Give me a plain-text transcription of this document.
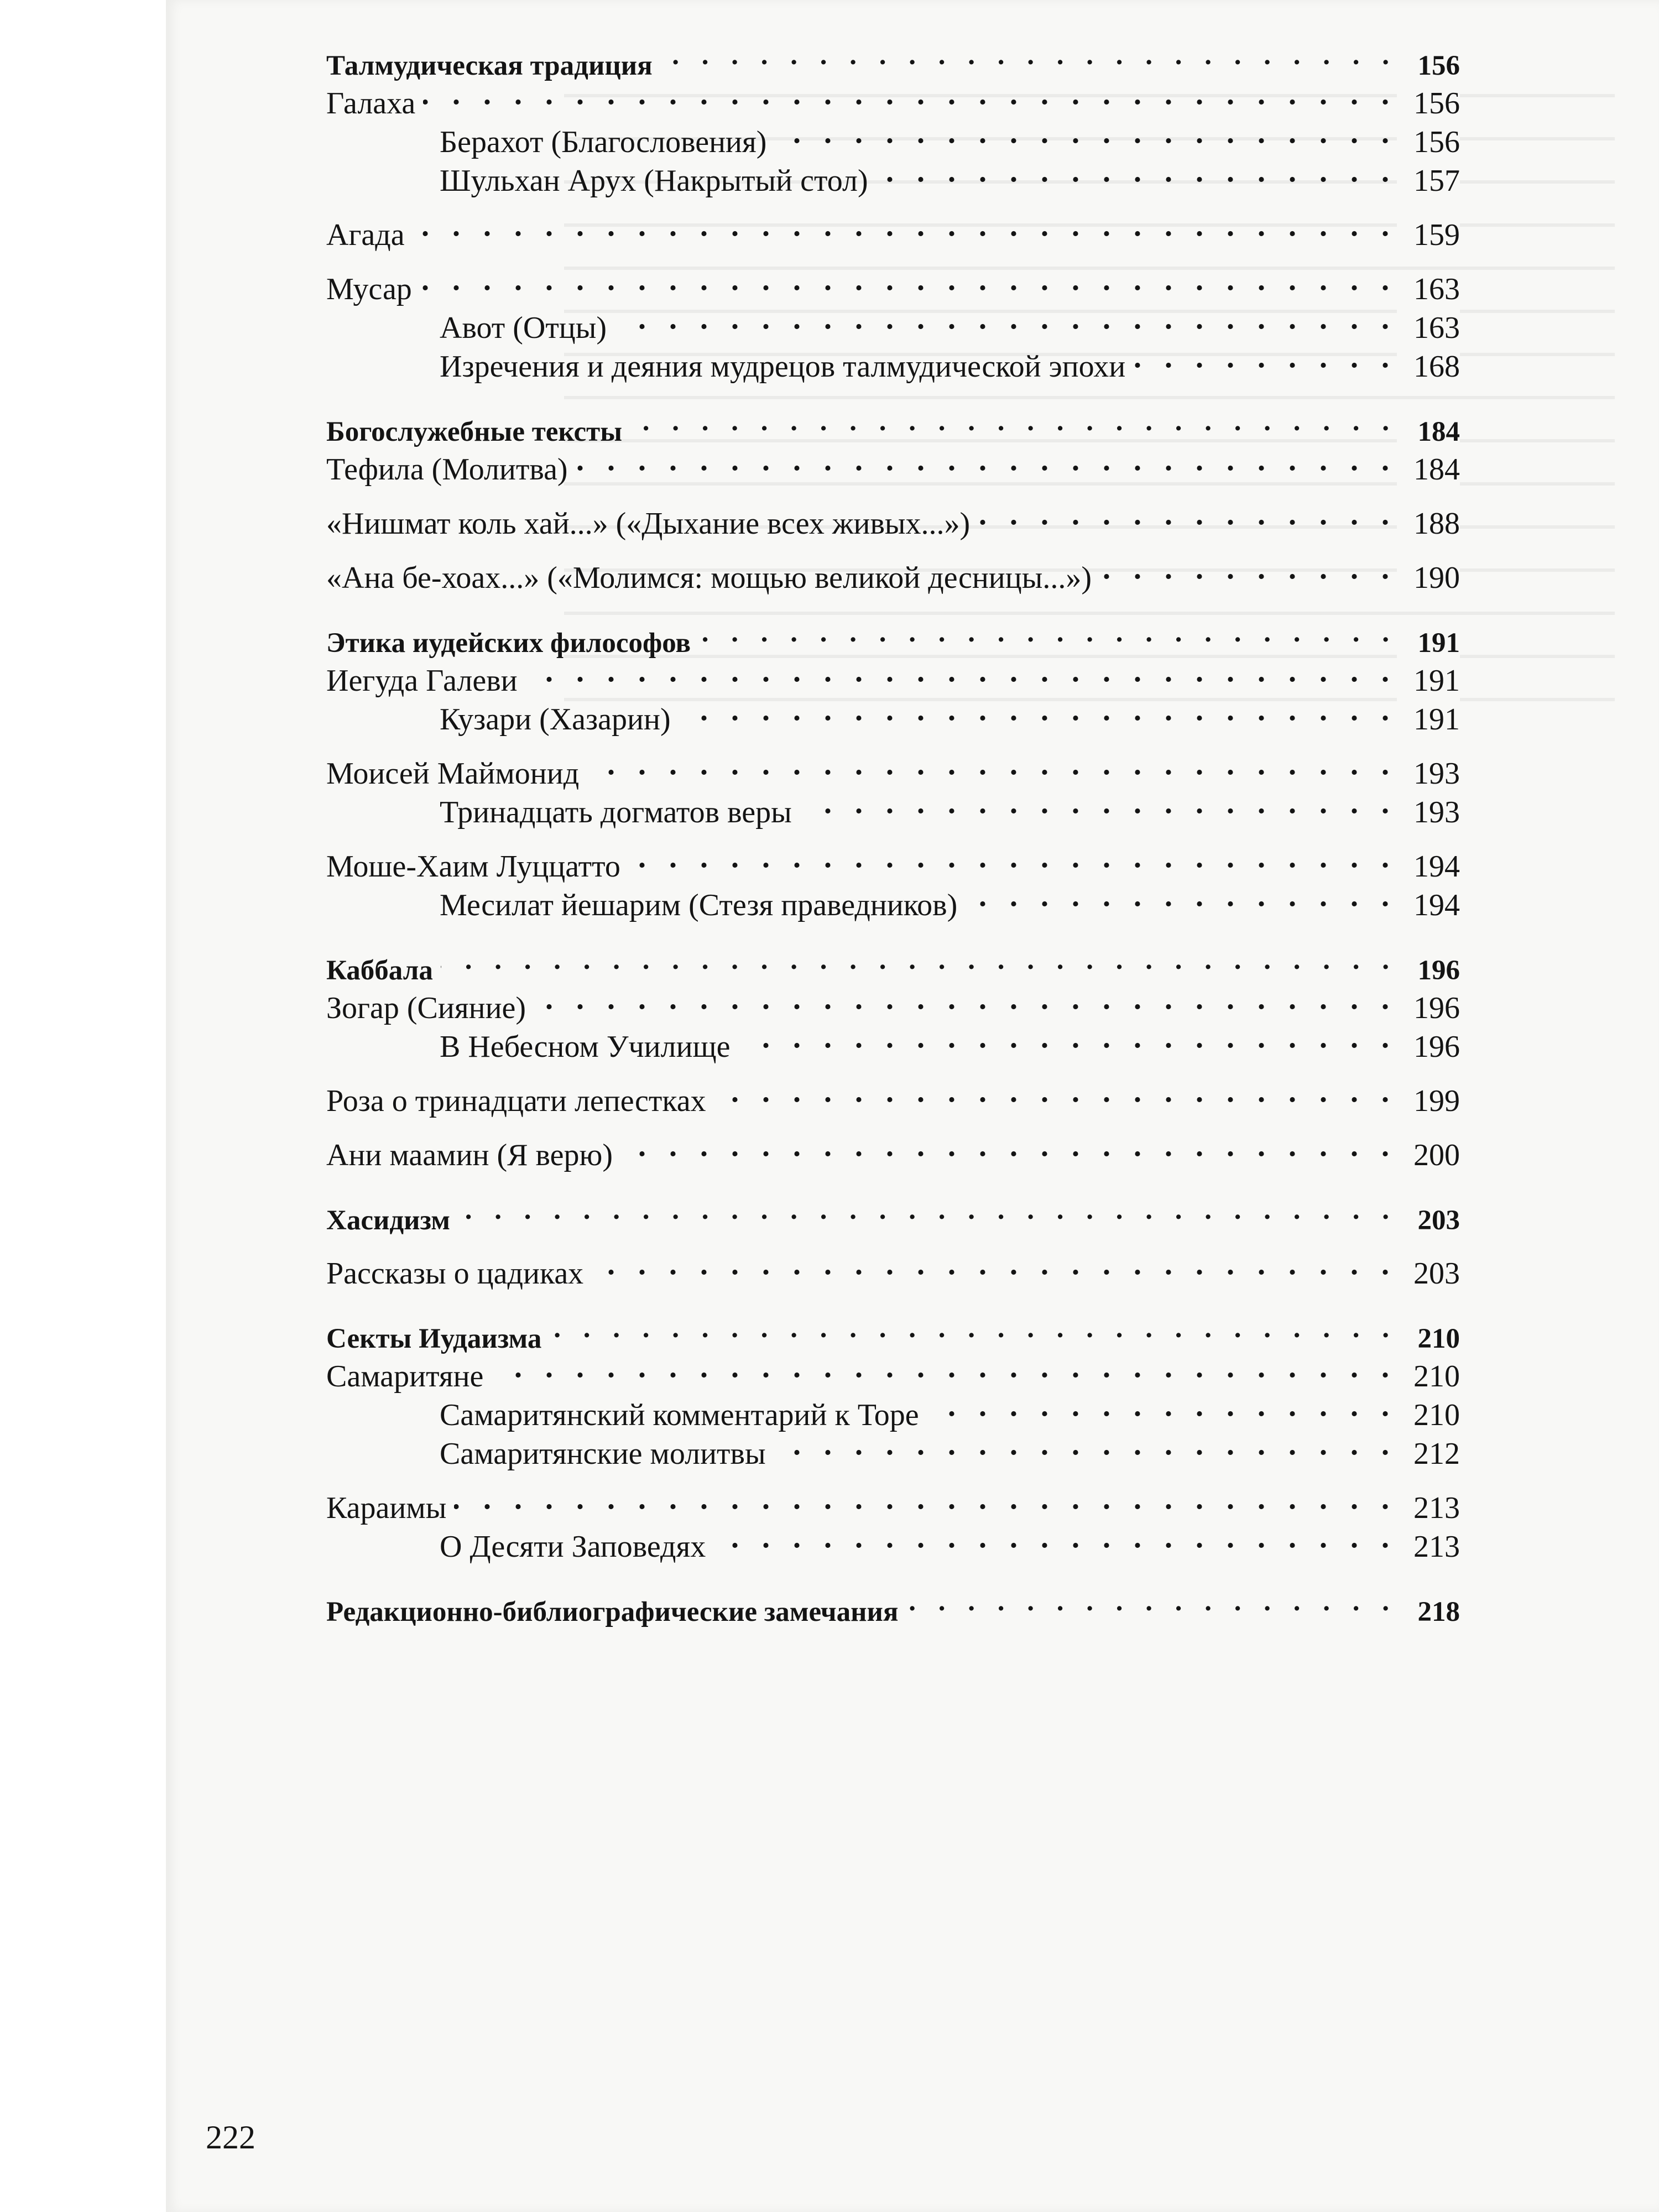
Талмудическая традиция . . .	156
Галаха . . .	156
Берахот (Благословения) . . .	156
Шульхан Арух (Накрытый стол) . . .	157
Агада . . .	159
Мусар . . .	163
Авот (Отцы) . . .	163
Изречения и деяния мудрецов талмудической эпохи . . .	168
Богослужебные тексты . . .	184
Тефила (Молитва) . . .	184
«Нишмат коль хай...» («Дыхание всех живых...») . . .	188
«Ана бе-хоах...» («Молимся: мощью великой десницы...») . . .	190
Этика иудейских философов . . .	191
Иегуда Галеви . . .	191
Кузари (Хазарин) . . .	191
Моисей Маймонид . . .	193
Тринадцать догматов веры . . .	193
Моше-Хаим Луццатто . . .	194
Месилат йешарим (Стезя праведников) . . .	194
Каббала . . .	196
Зогар (Сияние) . . .	196
В Небесном Училище . . .	196
Роза о тринадцати лепестках . . .	199
Ани маамин (Я верю) . . .	200
Хасидизм . . .	203
Рассказы о цадиках . . .	203
Секты Иудаизма . . .	210
Самаритяне . . .	210
Самаритянский комментарий к Торе . . .	210
Самаритянские молитвы . . .	212
Караимы . . .	213
О Десяти Заповедях . . .	213
Редакционно-библиографические замечания . . .	218
222
